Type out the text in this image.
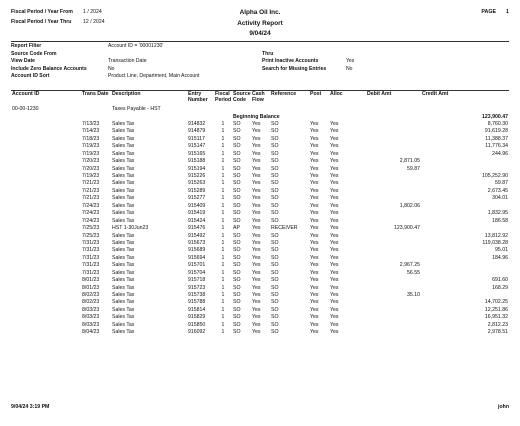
Fiscal Period / Year From	1 / 2024
Fiscal Period / Year Thru	12 / 2024
Alpha Oil Inc.
Activity Report
9/04/24
PAGE 1
Report Filter	Account ID = '00001230'
Source Code From	Thru
View Date	Transaction Date	Print Inactive Accounts	Yes
Include Zero Balance Accounts	No	Search for Missing Entries	No
Account ID Sort	Product Line, Department, Main Account
Account ID	Trans Date	Description	Entry Number	Fiscal Period	Source Code	Cash Flow	Reference	Post	Alloc	Debit Amt	Credit Amt
00-00-1230		Taxes Payable - HST									
					Beginning Balance						123,900.47
	7/13/23	Sales Tax	914832	1	SO	Yes	SO	Yes	Yes		8,760.30
	7/14/23	Sales Tax	914879	1	SO	Yes	SO	Yes	Yes		91,619.28
	7/18/23	Sales Tax	915117	1	SO	Yes	SO	Yes	Yes		11,388.37
	7/19/23	Sales Tax	915147	1	SO	Yes	SO	Yes	Yes		11,776.34
	7/19/23	Sales Tax	915165	1	SO	Yes	SO	Yes	Yes		244.96
	7/20/23	Sales Tax	915188	1	SO	Yes	SO	Yes	Yes	2,871.05	
	7/20/23	Sales Tax	915194	1	SO	Yes	SO	Yes	Yes	59.87	
	7/19/23	Sales Tax	915226	1	SO	Yes	SO	Yes	Yes		105,252.90
	7/21/23	Sales Tax	915263	1	SO	Yes	SO	Yes	Yes		59.87
	7/21/23	Sales Tax	915289	1	SO	Yes	SO	Yes	Yes		2,673.45
	7/21/23	Sales Tax	915277	1	SO	Yes	SO	Yes	Yes		304.01
	7/24/23	Sales Tax	915409	1	SO	Yes	SO	Yes	Yes	1,802.06	
	7/24/23	Sales Tax	915419	1	SO	Yes	SO	Yes	Yes		1,832.95
	7/24/23	Sales Tax	915424	1	SO	Yes	SO	Yes	Yes		186.58
	7/25/23	HST 1-30Jun23	915476	1	AP	Yes	RECEIVER	Yes	Yes	123,900.47	
	7/25/23	Sales Tax	915492	1	SO	Yes	SO	Yes	Yes		13,812.92
	7/31/23	Sales Tax	915673	1	SO	Yes	SO	Yes	Yes		119,038.28
	7/31/23	Sales Tax	915689	1	SO	Yes	SO	Yes	Yes		95.01
	7/31/23	Sales Tax	915694	1	SO	Yes	SO	Yes	Yes		184.96
	7/31/23	Sales Tax	915701	1	SO	Yes	SO	Yes	Yes	2,967.25	
	7/31/23	Sales Tax	915704	1	SO	Yes	SO	Yes	Yes	56.55	
	8/01/23	Sales Tax	915718	1	SO	Yes	SO	Yes	Yes		691.60
	8/01/23	Sales Tax	915723	1	SO	Yes	SO	Yes	Yes		168.29
	8/02/23	Sales Tax	915738	1	SO	Yes	SO	Yes	Yes	35.10	
	8/02/23	Sales Tax	915788	1	SO	Yes	SO	Yes	Yes		14,702.25
	8/03/23	Sales Tax	915814	1	SO	Yes	SO	Yes	Yes		12,251.86
	8/03/23	Sales Tax	915829	1	SO	Yes	SO	Yes	Yes		16,951.32
	8/03/23	Sales Tax	915850	1	SO	Yes	SO	Yes	Yes		2,812.23
	8/04/23	Sales Tax	916092	1	SO	Yes	SO	Yes	Yes		2,978.51
9/04/24 3:19 PM	john
